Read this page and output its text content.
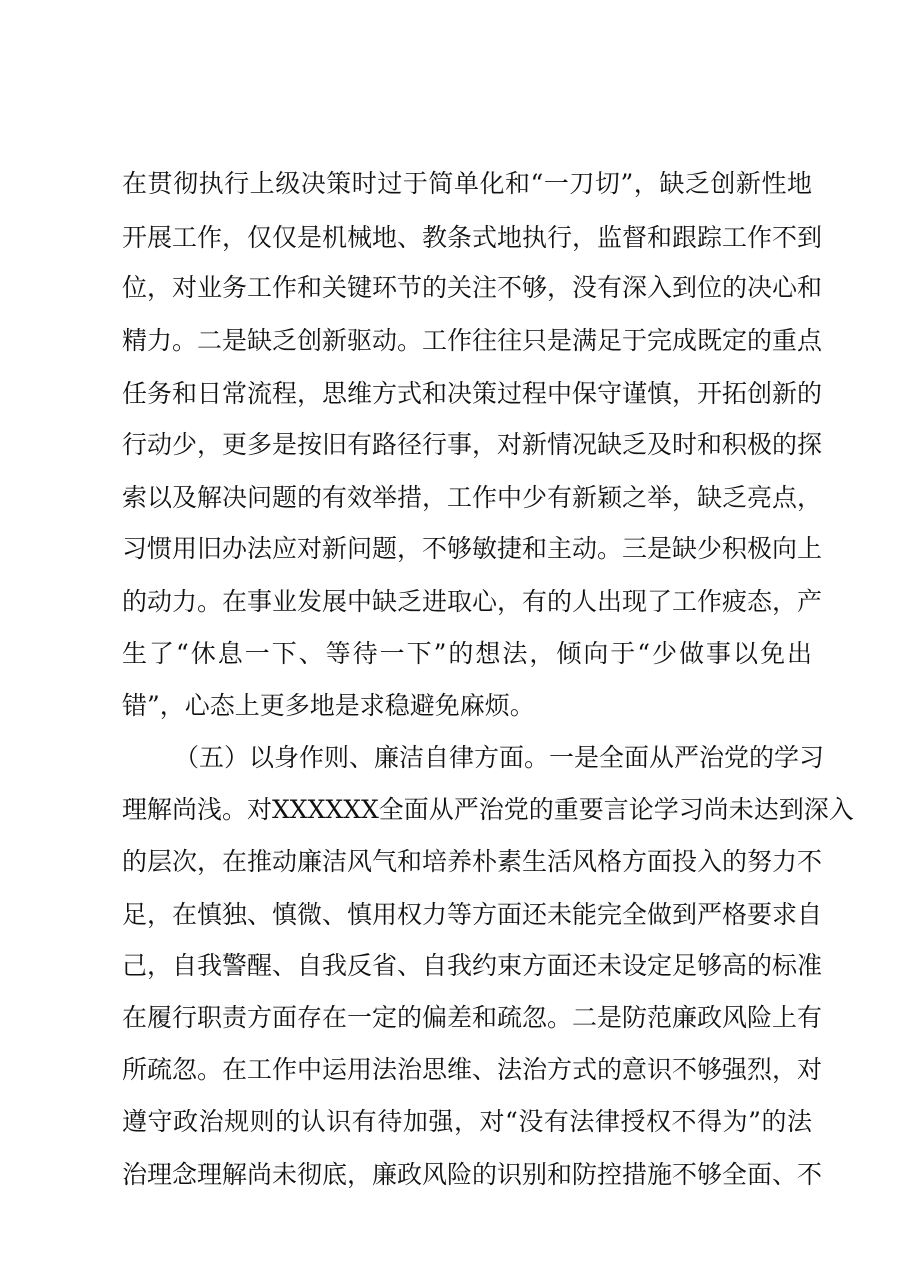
在贯彻执行上级决策时过于简单化和“一刀切”，缺乏创新性地
开展工作，仅仅是机械地、教条式地执行，监督和跟踪工作不到
位，对业务工作和关键环节的关注不够，没有深入到位的决心和
精力。二是缺乏创新驱动。工作往往只是满足于完成既定的重点
任务和日常流程，思维方式和决策过程中保守谨慎，开拓创新的
行动少，更多是按旧有路径行事，对新情况缺乏及时和积极的探
索以及解决问题的有效举措，工作中少有新颖之举，缺乏亮点，
习惯用旧办法应对新问题，不够敏捷和主动。三是缺少积极向上
的动力。在事业发展中缺乏进取心，有的人出现了工作疲态，产
生了“休息一下、等待一下”的想法，倾向于“少做事以免出
错”，心态上更多地是求稳避免麻烦。
（五）以身作则、廉洁自律方面。一是全面从严治党的学习
理解尚浅。对XXXXXX全面从严治党的重要言论学习尚未达到深入
的层次，在推动廉洁风气和培养朴素生活风格方面投入的努力不
足，在慎独、慎微、慎用权力等方面还未能完全做到严格要求自
己，自我警醒、自我反省、自我约束方面还未设定足够高的标准
在履行职责方面存在一定的偏差和疏忽。二是防范廉政风险上有
所疏忽。在工作中运用法治思维、法治方式的意识不够强烈，对
遵守政治规则的认识有待加强，对“没有法律授权不得为”的法
治理念理解尚未彻底，廉政风险的识别和防控措施不够全面、不
